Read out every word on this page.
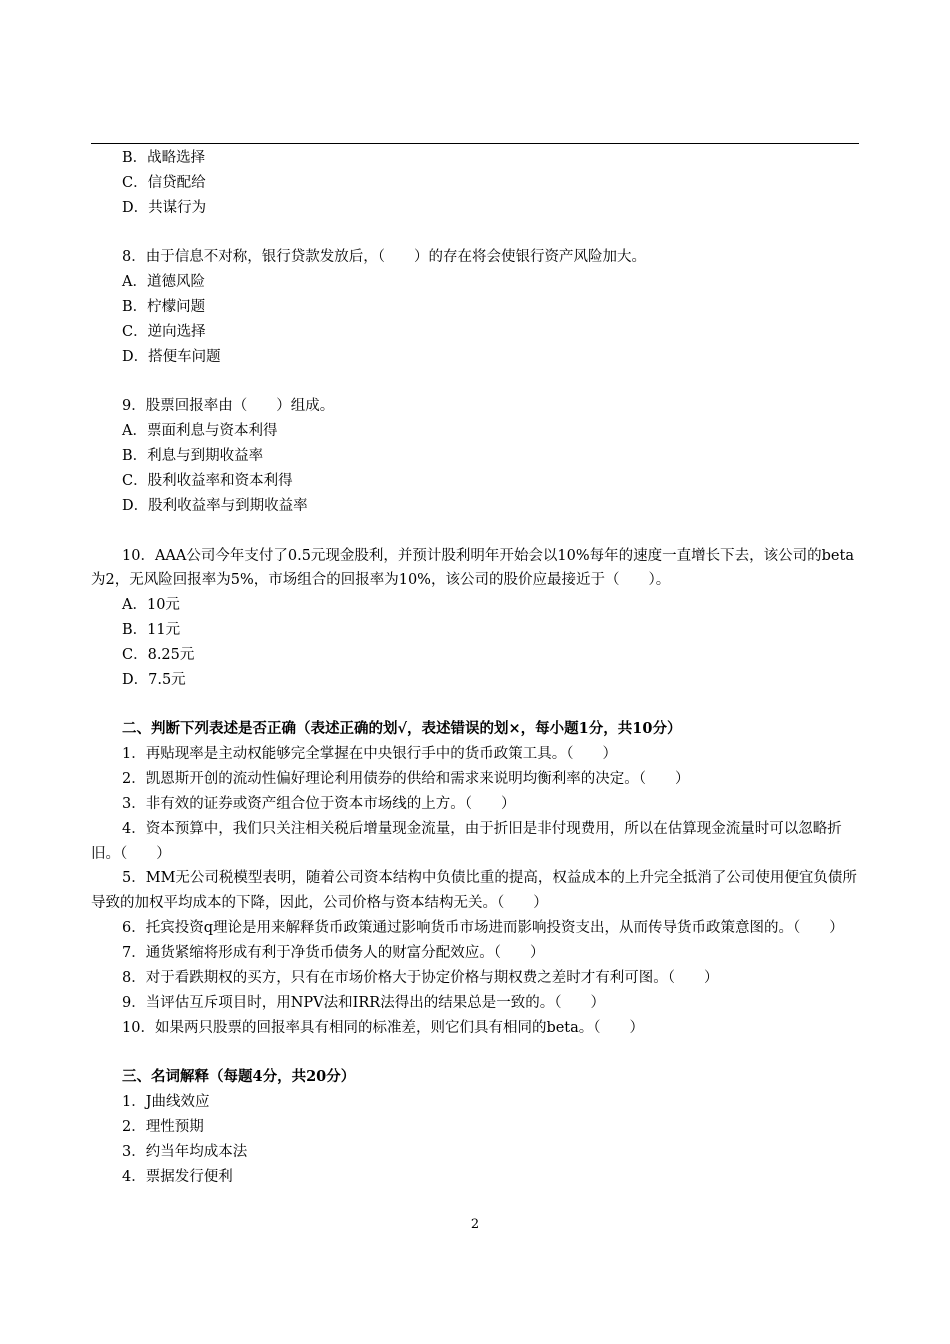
B．战略选择
C．信贷配给
D．共谋行为
8．由于信息不对称，银行贷款发放后，（　　）的存在将会使银行资产风险加大。
A．道德风险
B．柠檬问题
C．逆向选择
D．搭便车问题
9．股票回报率由（　　）组成。
A．票面利息与资本利得
B．利息与到期收益率
C．股利收益率和资本利得
D．股利收益率与到期收益率
10．AAA公司今年支付了0.5元现金股利，并预计股利明年开始会以10%每年的速度一直增长下去，该公司的beta为2，无风险回报率为5%，市场组合的回报率为10%，该公司的股价应最接近于（　　）。
A．10元
B．11元
C．8.25元
D．7.5元
二、判断下列表述是否正确（表述正确的划√，表述错误的划×，每小题1分，共10分）
1．再贴现率是主动权能够完全掌握在中央银行手中的货币政策工具。（　　）
2．凯恩斯开创的流动性偏好理论利用债券的供给和需求来说明均衡利率的决定。（　　）
3．非有效的证券或资产组合位于资本市场线的上方。（　　）
4．资本预算中，我们只关注相关税后增量现金流量，由于折旧是非付现费用，所以在估算现金流量时可以忽略折旧。（　　）
5．MM无公司税模型表明，随着公司资本结构中负债比重的提高，权益成本的上升完全抵消了公司使用便宜负债所导致的加权平均成本的下降，因此，公司价格与资本结构无关。（　　）
6．托宾投资q理论是用来解释货币政策通过影响货币市场进而影响投资支出，从而传导货币政策意图的。（　　）
7．通货紧缩将形成有利于净货币债务人的财富分配效应。（　　）
8．对于看跌期权的买方，只有在市场价格大于协定价格与期权费之差时才有利可图。（　　）
9．当评估互斥项目时，用NPV法和IRR法得出的结果总是一致的。（　　）
10．如果两只股票的回报率具有相同的标准差，则它们具有相同的beta。（　　）
三、名词解释（每题4分，共20分）
1．J曲线效应
2．理性预期
3．约当年均成本法
4．票据发行便利
2
